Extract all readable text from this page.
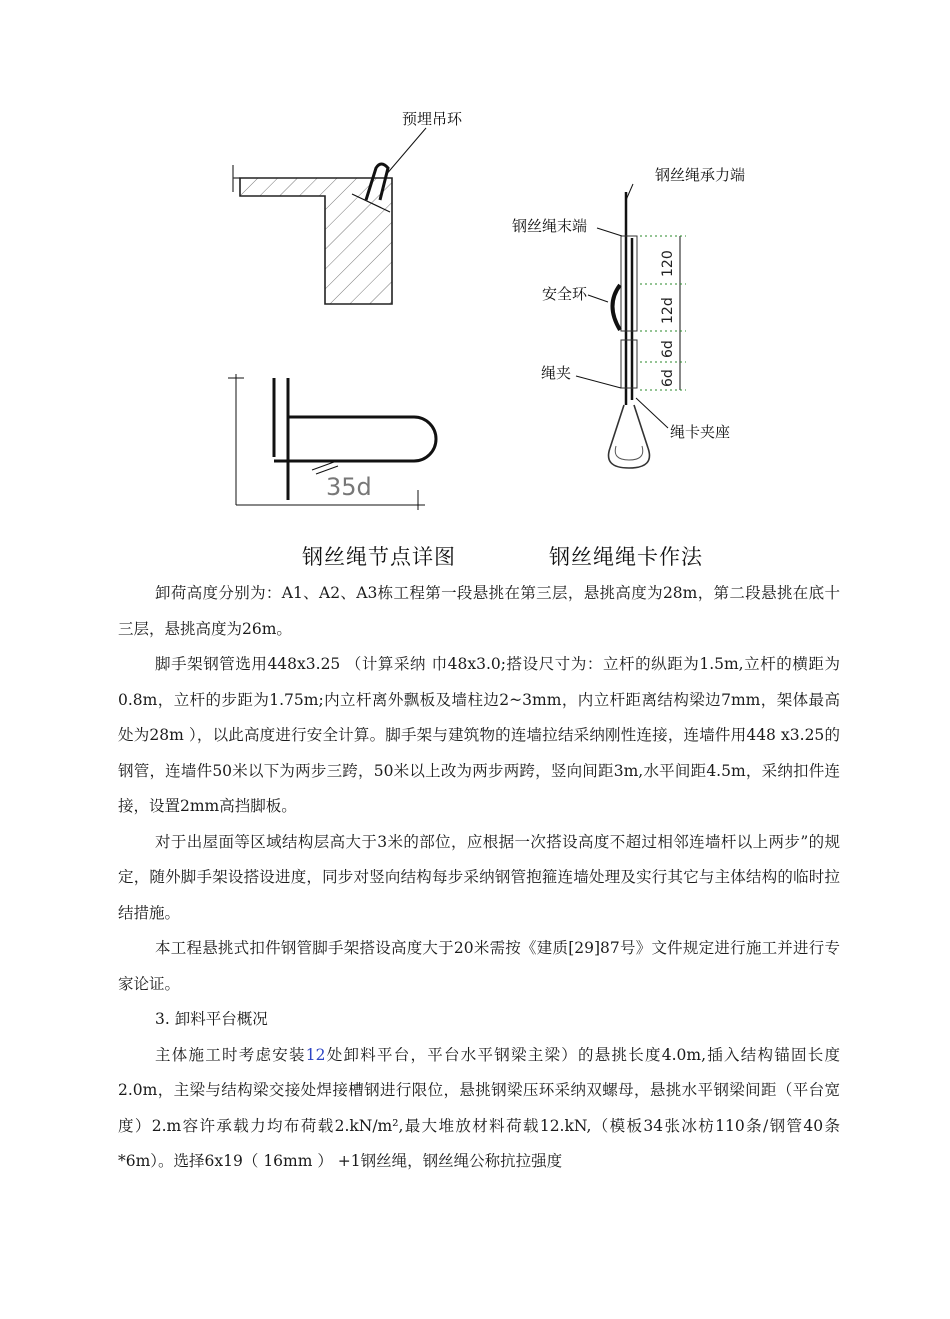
预埋吊环
钢丝绳承力端
钢丝绳末端
安全环
绳夹
绳卡夹座
120
12d
6d
6d
35d
钢丝绳节点详图	钢丝绳绳卡作法

卸荷高度分别为：A1、A2、A3栋工程第一段悬挑在第三层，悬挑高度为28m，第二段悬挑在底十三层，悬挑高度为26m。

脚手架钢管选用448x3.25 （计算采纳 巾48x3.0;搭设尺寸为：立杆的纵距为1.5m,立杆的横距为0.8m，立杆的步距为1.75m;内立杆离外飘板及墙柱边2~3mm，内立杆距离结构梁边7mm，架体最高处为28m ），以此高度进行安全计算。脚手架与建筑物的连墙拉结采纳刚性连接，连墙件用448 x3.25的钢管，连墙件50米以下为两步三跨，50米以上改为两步两跨，竖向间距3m,水平间距4.5m，采纳扣件连接，设置2mm高挡脚板。

对于出屋面等区域结构层高大于3米的部位，应根据一次搭设高度不超过相邻连墙杆以上两步”的规定，随外脚手架设搭设进度，同步对竖向结构每步采纳钢管抱箍连墙处理及实行其它与主体结构的临时拉结措施。

本工程悬挑式扣件钢管脚手架搭设高度大于20米需按《建质[29]87号》文件规定进行施工并进行专家论证。

3. 卸料平台概况

主体施工时考虑安装12处卸料平台，平台水平钢梁主梁）的悬挑长度4.0m,插入结构锚固长度2.0m，主梁与结构梁交接处焊接槽钢进行限位，悬挑钢梁压环采纳双螺母，悬挑水平钢梁间距（平台宽度）2.m容许承载力均布荷载2.kN/m²,最大堆放材料荷载12.kN,（模板34张冰枋110条/钢管40条*6m）。选择6x19（ 16mm ） +1钢丝绳，钢丝绳公称抗拉强度
